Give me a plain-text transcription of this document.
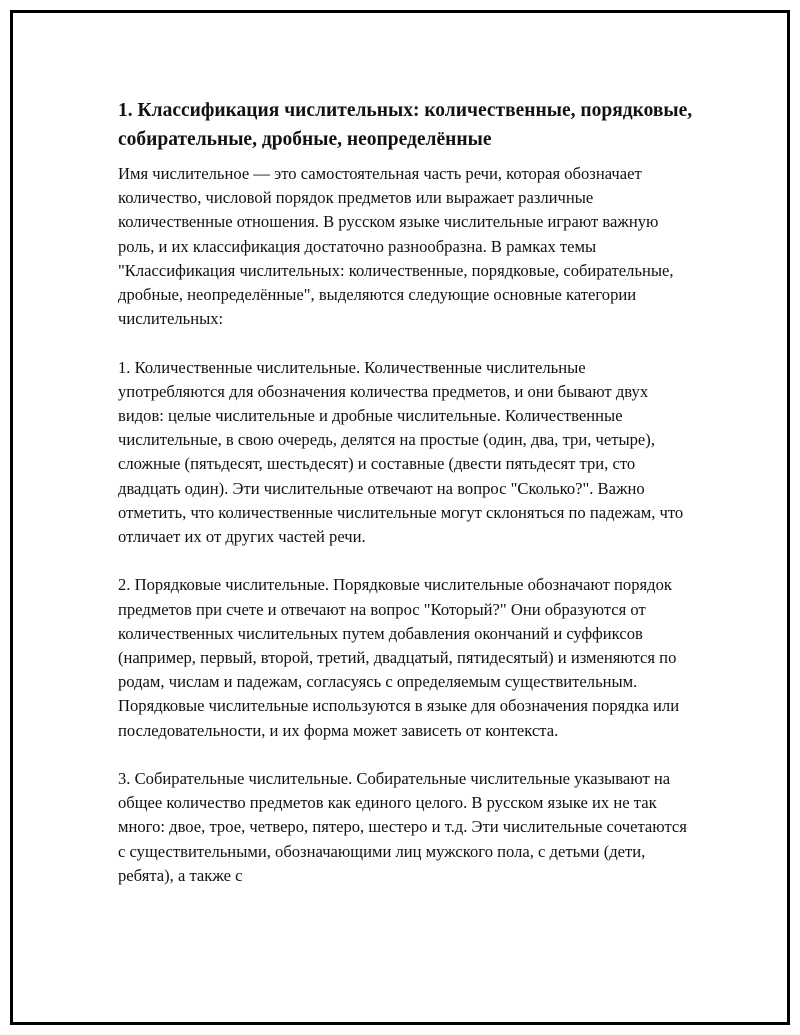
1. Классификация числительных: количественные, порядковые, собирательные, дробные, неопределённые

Имя числительное — это самостоятельная часть речи, которая обозначает количество, числовой порядок предметов или выражает различные количественные отношения. В русском языке числительные играют важную роль, и их классификация достаточно разнообразна. В рамках темы "Классификация числительных: количественные, порядковые, собирательные, дробные, неопределённые", выделяются следующие основные категории числительных:

1. Количественные числительные. Количественные числительные употребляются для обозначения количества предметов, и они бывают двух видов: целые числительные и дробные числительные. Количественные числительные, в свою очередь, делятся на простые (один, два, три, четыре), сложные (пятьдесят, шестьдесят) и составные (двести пятьдесят три, сто двадцать один). Эти числительные отвечают на вопрос "Сколько?". Важно отметить, что количественные числительные могут склоняться по падежам, что отличает их от других частей речи.

2. Порядковые числительные. Порядковые числительные обозначают порядок предметов при счете и отвечают на вопрос "Который?" Они образуются от количественных числительных путем добавления окончаний и суффиксов (например, первый, второй, третий, двадцатый, пятидесятый) и изменяются по родам, числам и падежам, согласуясь с определяемым существительным. Порядковые числительные используются в языке для обозначения порядка или последовательности, и их форма может зависеть от контекста.

3. Собирательные числительные. Собирательные числительные указывают на общее количество предметов как единого целого. В русском языке их не так много: двое, трое, четверо, пятеро, шестеро и т.д. Эти числительные сочетаются с существительными, обозначающими лиц мужского пола, с детьми (дети, ребята), а также с
